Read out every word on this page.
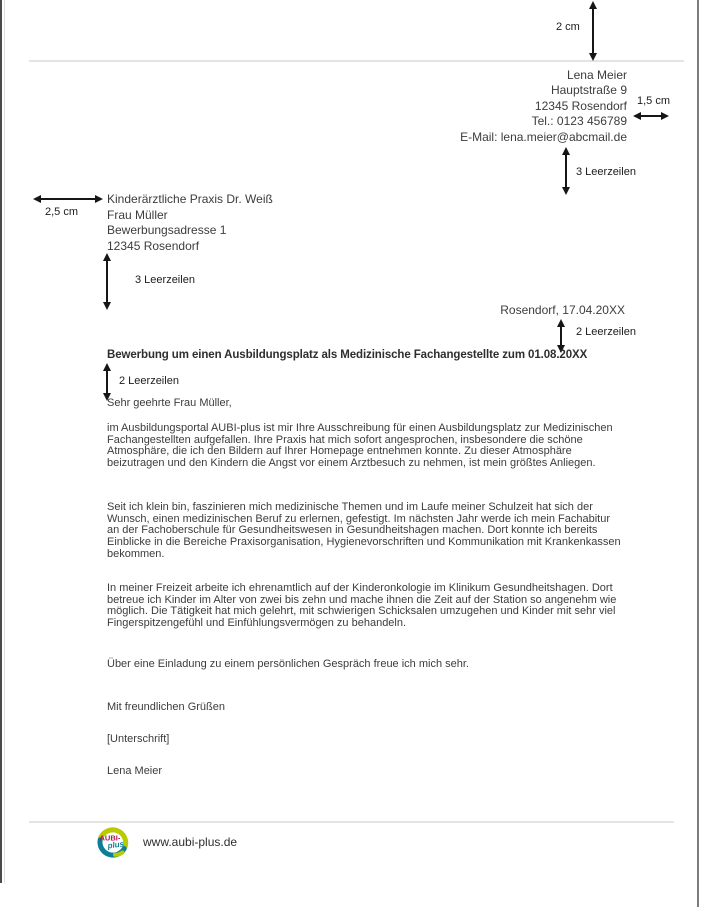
2 cm
Lena Meier
Hauptstraße 9
12345 Rosendorf
Tel.: 0123 456789
E-Mail: lena.meier@abcmail.de
1,5 cm
3 Leerzeilen
2,5 cm
Kinderärztliche Praxis Dr. Weiß
Frau Müller
Bewerbungsadresse 1
12345 Rosendorf
3 Leerzeilen
Rosendorf, 17.04.20XX
2 Leerzeilen
Bewerbung um einen Ausbildungsplatz als Medizinische Fachangestellte zum 01.08.20XX
2 Leerzeilen
Sehr geehrte Frau Müller,
im Ausbildungsportal AUBI-plus ist mir Ihre Ausschreibung für einen Ausbildungsplatz zur Medizinischen Fachangestellten aufgefallen. Ihre Praxis hat mich sofort angesprochen, insbesondere die schöne Atmosphäre, die ich den Bildern auf Ihrer Homepage entnehmen konnte. Zu dieser Atmosphäre beizutragen und den Kindern die Angst vor einem Arztbesuch zu nehmen, ist mein größtes Anliegen.
Seit ich klein bin, faszinieren mich medizinische Themen und im Laufe meiner Schulzeit hat sich der Wunsch, einen medizinischen Beruf zu erlernen, gefestigt. Im nächsten Jahr werde ich mein Fachabitur an der Fachoberschule für Gesundheitswesen in Gesundheitshagen machen. Dort konnte ich bereits Einblicke in die Bereiche Praxisorganisation, Hygienevorschriften und Kommunikation mit Krankenkassen bekommen.
In meiner Freizeit arbeite ich ehrenamtlich auf der Kinderonkologie im Klinikum Gesundheitshagen. Dort betreue ich Kinder im Alter von zwei bis zehn und mache ihnen die Zeit auf der Station so angenehm wie möglich. Die Tätigkeit hat mich gelehrt, mit schwierigen Schicksalen umzugehen und Kinder mit sehr viel Fingerspitzengefühl und Einfühlungsvermögen zu behandeln.
Über eine Einladung zu einem persönlichen Gespräch freue ich mich sehr.
Mit freundlichen Grüßen
[Unterschrift]
Lena Meier
AUBI-
plus www.aubi-plus.de
